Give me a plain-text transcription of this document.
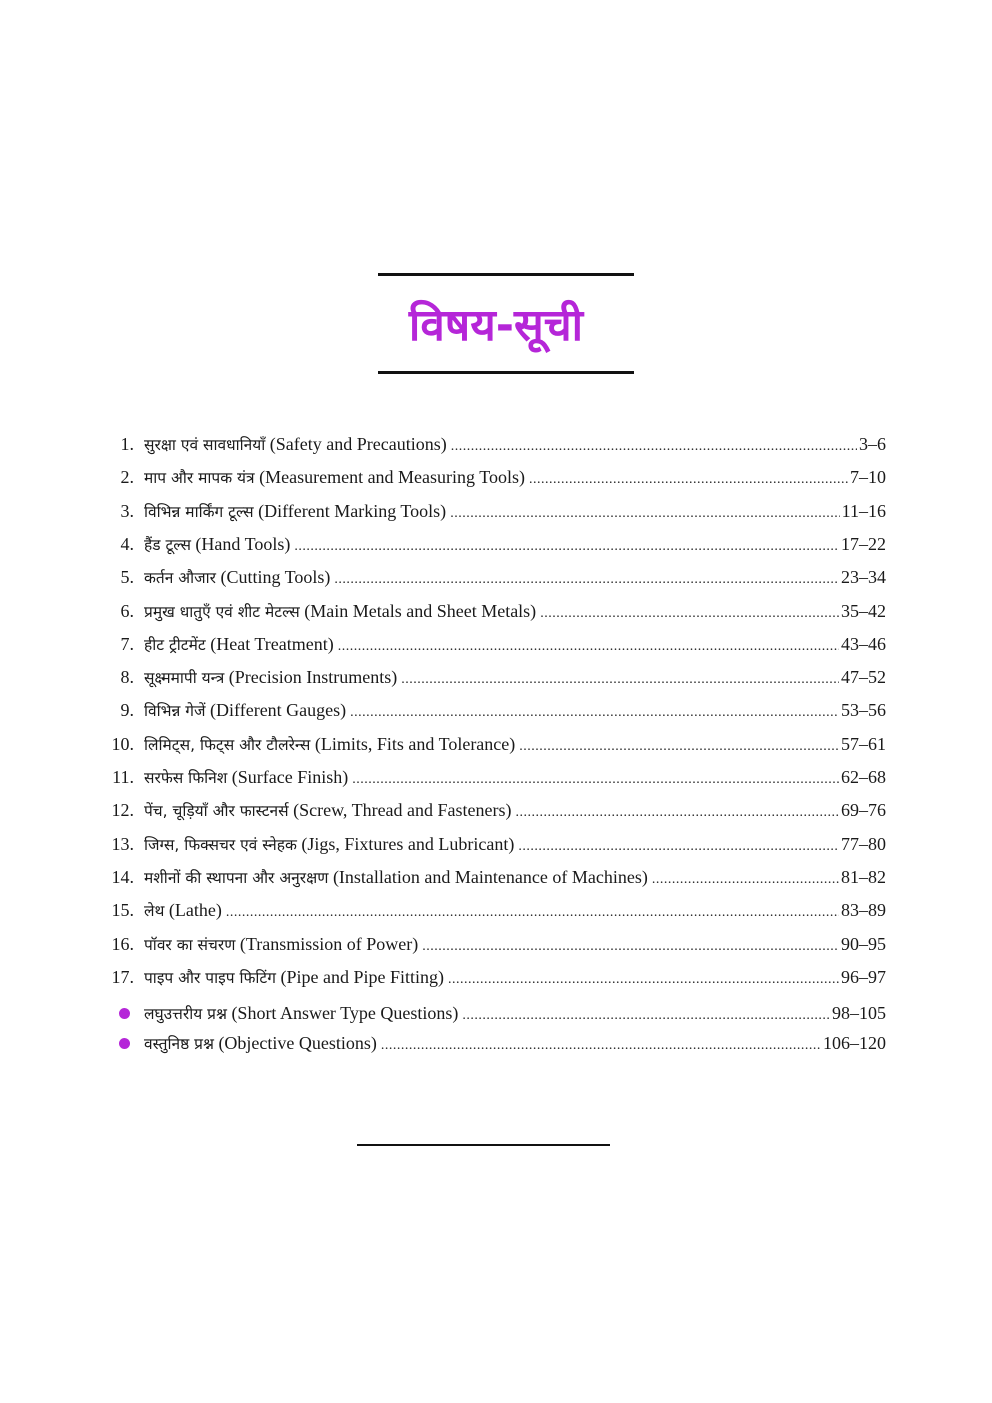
विषय-सूची
1. सुरक्षा एवं सावधानियाँ (Safety and Precautions) .....	3–6
2. माप और मापक यंत्र (Measurement and Measuring Tools) .....	7–10
3. विभिन्न मार्किंग टूल्स (Different Marking Tools) .....	11–16
4. हैंड टूल्स (Hand Tools) .....	17–22
5. कर्तन औजार (Cutting Tools) .....	23–34
6. प्रमुख धातुएँ एवं शीट मेटल्स (Main Metals and Sheet Metals) .....	35–42
7. हीट ट्रीटमेंट (Heat Treatment) .....	43–46
8. सूक्ष्ममापी यन्त्र (Precision Instruments) .....	47–52
9. विभिन्न गेजें (Different Gauges) .....	53–56
10. लिमिट्स, फिट्स और टौलरेन्स (Limits, Fits and Tolerance) .....	57–61
11. सरफेस फिनिश (Surface Finish) .....	62–68
12. पेंच, चूड़ियाँ और फास्टनर्स (Screw, Thread and Fasteners) .....	69–76
13. जिग्स, फिक्सचर एवं स्नेहक (Jigs, Fixtures and Lubricant) .....	77–80
14. मशीनों की स्थापना और अनुरक्षण (Installation and Maintenance of Machines) .....	81–82
15. लेथ (Lathe) .....	83–89
16. पॉवर का संचरण (Transmission of Power) .....	90–95
17. पाइप और पाइप फिटिंग (Pipe and Pipe Fitting) .....	96–97
लघुउत्तरीय प्रश्न (Short Answer Type Questions) .....	98–105
वस्तुनिष्ठ प्रश्न (Objective Questions) .....	106–120
